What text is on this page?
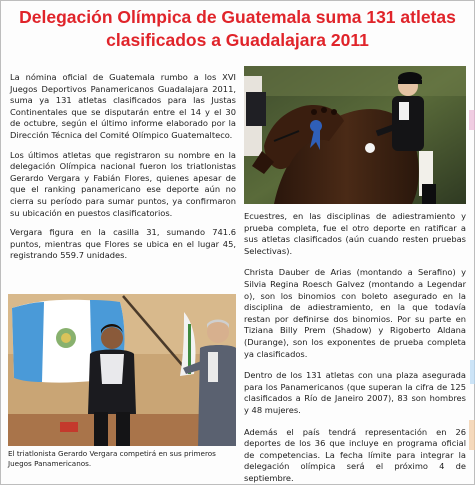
Delegación Olímpica de Guatemala suma 131 atletas clasificados a Guadalajara 2011

La nómina oficial de Guatemala rumbo a los XVI Juegos Deportivos Panamericanos Guadalajara 2011, suma ya 131 atletas clasificados para las Justas Continentales que se disputarán entre el 14 y el 30 de octubre, según el último informe elaborado por la Dirección Técnica del Comité Olímpico Guatemalteco.

Los últimos atletas que registraron su nombre en la delegación Olímpica nacional fueron los triatlonistas Gerardo Vergara y Fabián Flores, quienes apesar de que el ranking panamericano ese deporte aún no cierra su período para sumar puntos, ya confirmaron su ubicación en puestos clasificatorios.

Vergara figura en la casilla 31, sumando 741.6 puntos, mientras que Flores se ubica en el lugar 45, registrando 559.7 unidades.

Ecuestres, en las disciplinas de adiestramiento y prueba completa, fue el otro deporte en ratificar a sus atletas clasificados (aún cuando resten pruebas Selectivas).

Christa Dauber de Arias (montando a Serafino) y Silvia Regina Roesch Galvez (montando a Legendar o), son los binomios con boleto asegurado en la disciplina de adiestramiento, en la que todavía restan por definirse dos binomios. Por su parte en Tiziana Billy Prem (Shadow) y Rigoberto Aldana (Durange), son los exponentes de prueba completa ya clasificados.

Dentro de los 131 atletas con una plaza asegurada para los Panamericanos (que superan la cifra de 125 clasificados a Río de Janeiro 2007), 83 son hombres y 48 mujeres.

Además el país tendrá representación en 26 deportes de los 36 que incluye en programa oficial de competencias. La fecha límite para integrar la delegación olímpica será el próximo 4 de septiembre.

El triatlonista Gerardo Vergara competirá en sus primeros Juegos Panamericanos.
